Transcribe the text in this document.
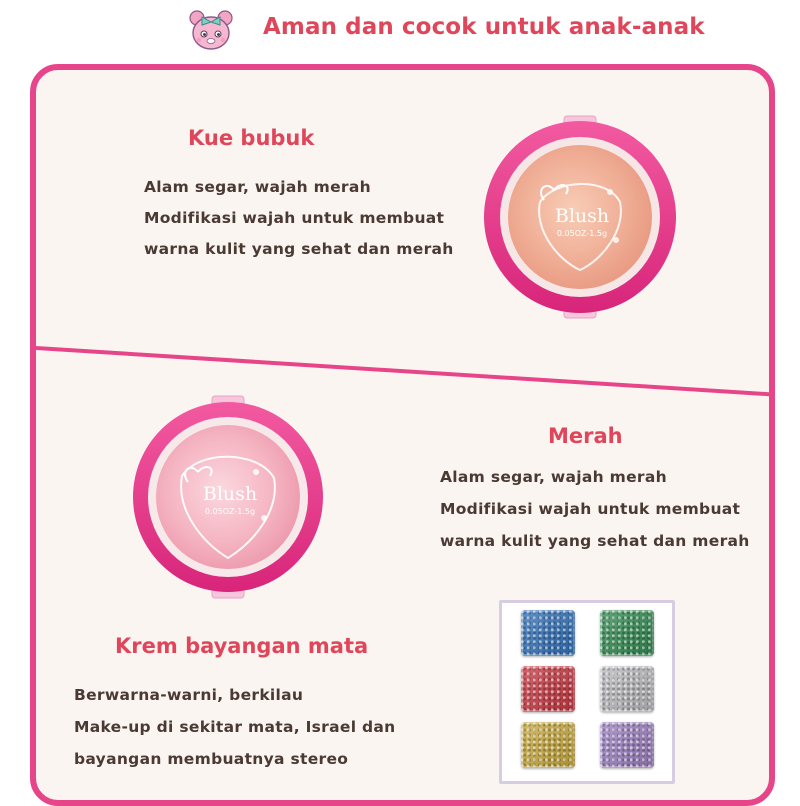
Aman dan cocok untuk anak-anak
Kue bubuk
Alam segar, wajah merah
Modifikasi wajah untuk membuat
warna kulit yang sehat dan merah
Blush
0.05OZ-1.5g
Blush
0.05OZ-1.5g
Merah
Alam segar, wajah merah
Modifikasi wajah untuk membuat
warna kulit yang sehat dan merah
Krem bayangan mata
Berwarna-warni, berkilau
Make-up di sekitar mata, Israel dan
bayangan membuatnya stereo
